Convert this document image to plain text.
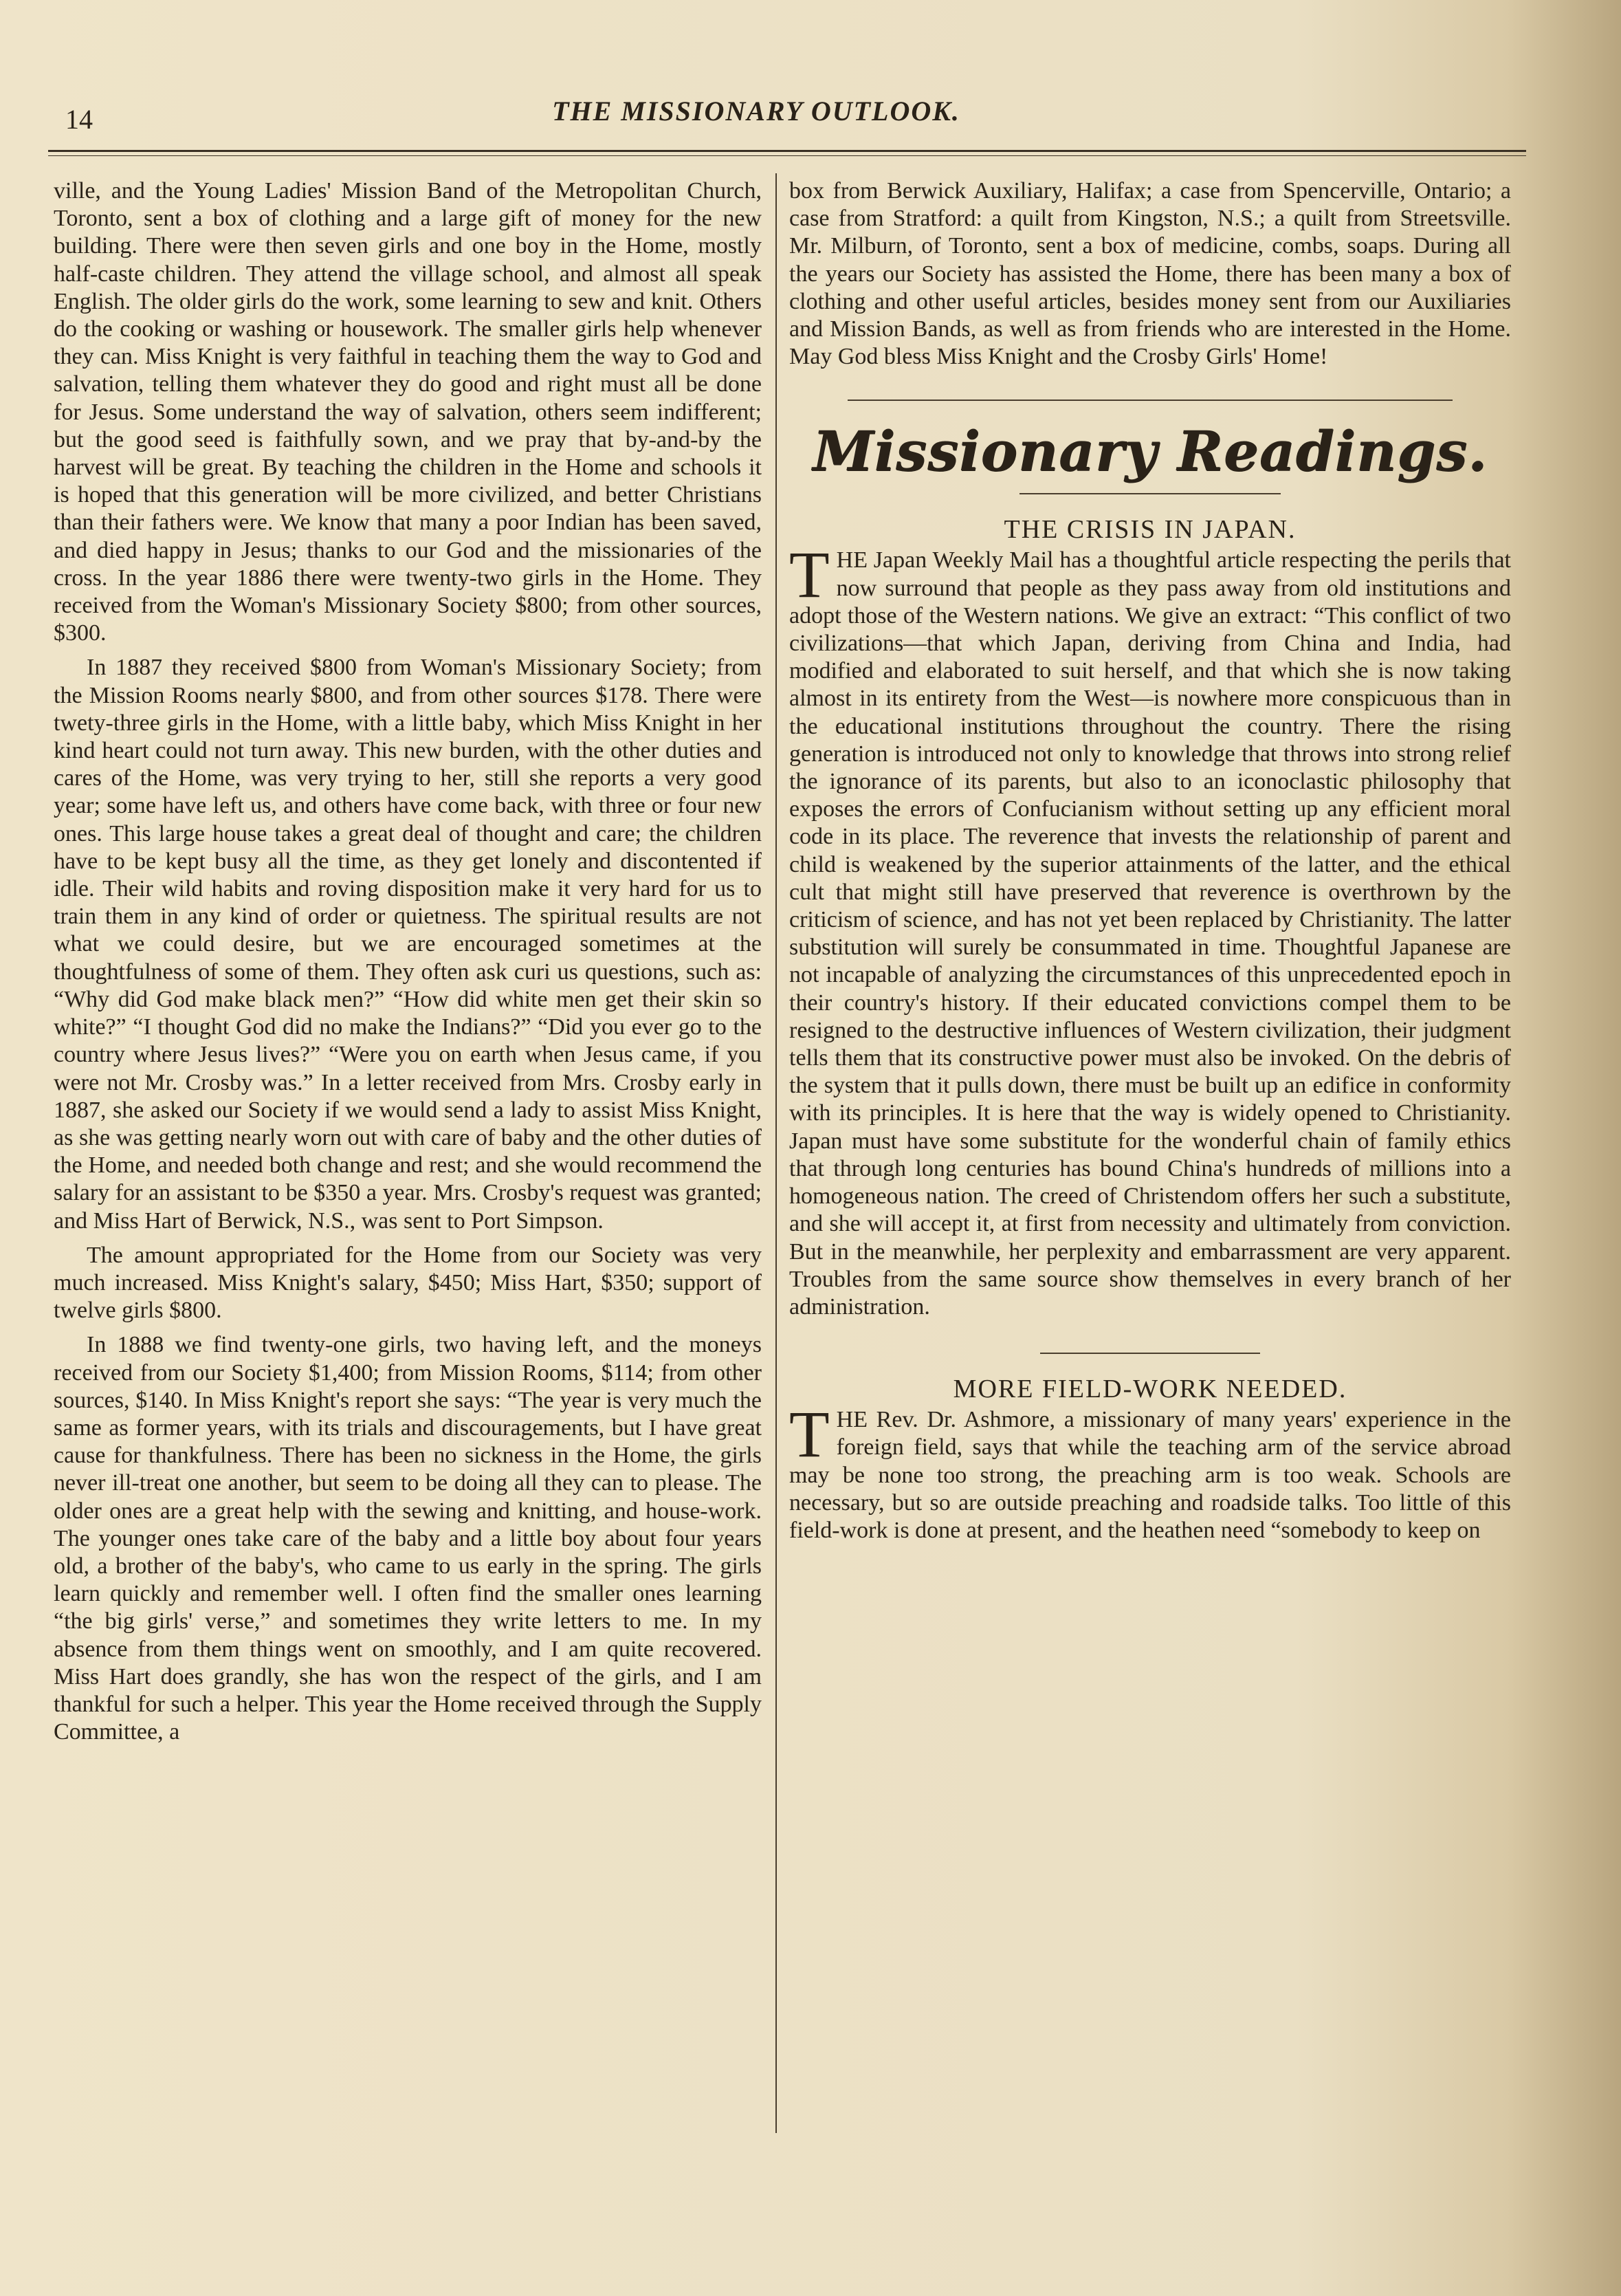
14	THE MISSIONARY OUTLOOK.

ville, and the Young Ladies' Mission Band of the Metropolitan Church, Toronto, sent a box of clothing and a large gift of money for the new building. There were then seven girls and one boy in the Home, mostly half-caste children. They attend the village school, and almost all speak English. The older girls do the work, some learning to sew and knit. Others do the cooking or washing or housework. The smaller girls help whenever they can. Miss Knight is very faithful in teaching them the way to God and salvation, telling them whatever they do good and right must all be done for Jesus. Some understand the way of salvation, others seem indifferent; but the good seed is faithfully sown, and we pray that by-and-by the harvest will be great. By teaching the children in the Home and schools it is hoped that this generation will be more civilized, and better Christians than their fathers were. We know that many a poor Indian has been saved, and died happy in Jesus; thanks to our God and the missionaries of the cross. In the year 1886 there were twenty-two girls in the Home. They received from the Woman's Missionary Society $800; from other sources, $300.

In 1887 they received $800 from Woman's Missionary Society; from the Mission Rooms nearly $800, and from other sources $178. There were twety-three girls in the Home, with a little baby, which Miss Knight in her kind heart could not turn away. This new burden, with the other duties and cares of the Home, was very trying to her, still she reports a very good year; some have left us, and others have come back, with three or four new ones. This large house takes a great deal of thought and care; the children have to be kept busy all the time, as they get lonely and discontented if idle. Their wild habits and roving disposition make it very hard for us to train them in any kind of order or quietness. The spiritual results are not what we could desire, but we are encouraged sometimes at the thoughtfulness of some of them. They often ask curi us questions, such as: “Why did God make black men?” “How did white men get their skin so white?” “I thought God did no make the Indians?” “Did you ever go to the country where Jesus lives?” “Were you on earth when Jesus came, if you were not Mr. Crosby was.” In a letter received from Mrs. Crosby early in 1887, she asked our Society if we would send a lady to assist Miss Knight, as she was getting nearly worn out with care of baby and the other duties of the Home, and needed both change and rest; and she would recommend the salary for an assistant to be $350 a year. Mrs. Crosby's request was granted; and Miss Hart of Berwick, N.S., was sent to Port Simpson.

The amount appropriated for the Home from our Society was very much increased. Miss Knight's salary, $450; Miss Hart, $350; support of twelve girls $800.

In 1888 we find twenty-one girls, two having left, and the moneys received from our Society $1,400; from Mission Rooms, $114; from other sources, $140. In Miss Knight's report she says: “The year is very much the same as former years, with its trials and discouragements, but I have great cause for thankfulness. There has been no sickness in the Home, the girls never ill-treat one another, but seem to be doing all they can to please. The older ones are a great help with the sewing and knitting, and house-work. The younger ones take care of the baby and a little boy about four years old, a brother of the baby's, who came to us early in the spring. The girls learn quickly and remember well. I often find the smaller ones learning “the big girls' verse,” and sometimes they write letters to me. In my absence from them things went on smoothly, and I am quite recovered. Miss Hart does grandly, she has won the respect of the girls, and I am thankful for such a helper. This year the Home received through the Supply Committee, a

box from Berwick Auxiliary, Halifax; a case from Spencerville, Ontario; a case from Stratford: a quilt from Kingston, N.S.; a quilt from Streetsville. Mr. Milburn, of Toronto, sent a box of medicine, combs, soaps. During all the years our Society has assisted the Home, there has been many a box of clothing and other useful articles, besides money sent from our Auxiliaries and Mission Bands, as well as from friends who are interested in the Home. May God bless Miss Knight and the Crosby Girls' Home!

Missionary Readings.
THE CRISIS IN JAPAN.

THE Japan Weekly Mail has a thoughtful article respecting the perils that now surround that people as they pass away from old institutions and adopt those of the Western nations. We give an extract: “This conflict of two civilizations—that which Japan, deriving from China and India, had modified and elaborated to suit herself, and that which she is now taking almost in its entirety from the West—is nowhere more conspicuous than in the educational institutions throughout the country. There the rising generation is introduced not only to knowledge that throws into strong relief the ignorance of its parents, but also to an iconoclastic philosophy that exposes the errors of Confucianism without setting up any efficient moral code in its place. The reverence that invests the relationship of parent and child is weakened by the superior attainments of the latter, and the ethical cult that might still have preserved that reverence is overthrown by the criticism of science, and has not yet been replaced by Christianity. The latter substitution will surely be consummated in time. Thoughtful Japanese are not incapable of analyzing the circumstances of this unprecedented epoch in their country's history. If their educated convictions compel them to be resigned to the destructive influences of Western civilization, their judgment tells them that its constructive power must also be invoked. On the debris of the system that it pulls down, there must be built up an edifice in conformity with its principles. It is here that the way is widely opened to Christianity. Japan must have some substitute for the wonderful chain of family ethics that through long centuries has bound China's hundreds of millions into a homogeneous nation. The creed of Christendom offers her such a substitute, and she will accept it, at first from necessity and ultimately from conviction. But in the meanwhile, her perplexity and embarrassment are very apparent. Troubles from the same source show themselves in every branch of her administration.

MORE FIELD-WORK NEEDED.

THE Rev. Dr. Ashmore, a missionary of many years' experience in the foreign field, says that while the teaching arm of the service abroad may be none too strong, the preaching arm is too weak. Schools are necessary, but so are outside preaching and roadside talks. Too little of this field-work is done at present, and the heathen need “somebody to keep on
